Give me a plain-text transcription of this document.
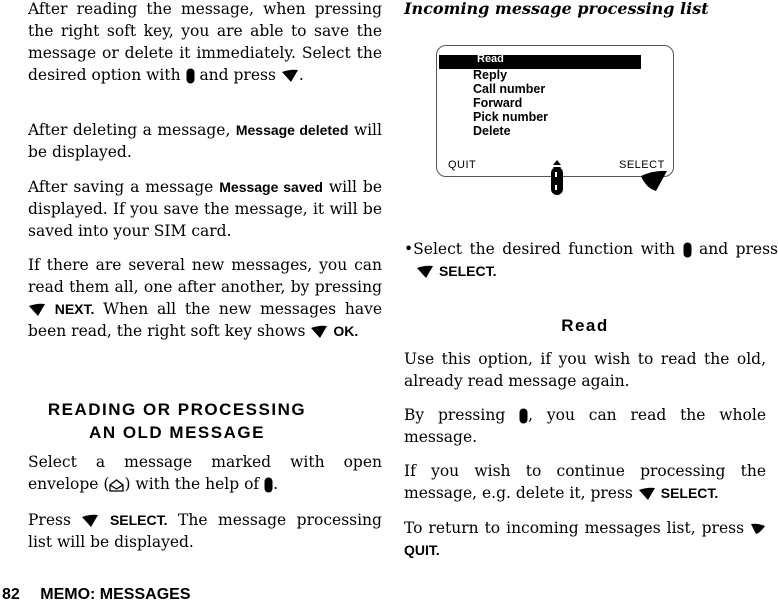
After reading the message, when pressing the right soft key, you are able to save the message or delete it immediately. Select the desired option with and press .
After deleting a message, Message deleted will be displayed.
After saving a message Message saved will be displayed. If you save the message, it will be saved into your SIM card.
If there are several new messages, you can read them all, one after another, by pressing  NEXT. When all the new messages have been read, the right soft key shows OK.
READING OR PROCESSING
AN OLD MESSAGE
Select a message marked with open envelope ( ) with the help of .
Press	SELECT. The message processing list will be displayed.
82 MEMO: MESSAGES
Incoming message processing list
Read
Reply
Call number
Forward
Pick number
Delete
QUIT	SELECT
•Select the desired function with and press  SELECT.
Read
Use this option, if you wish to read the old, already read message again.
By pressing , you can read the whole message.
If you wish to continue processing the message, e.g. delete it, press SELECT.
To return to incoming messages list, press  QUIT.
